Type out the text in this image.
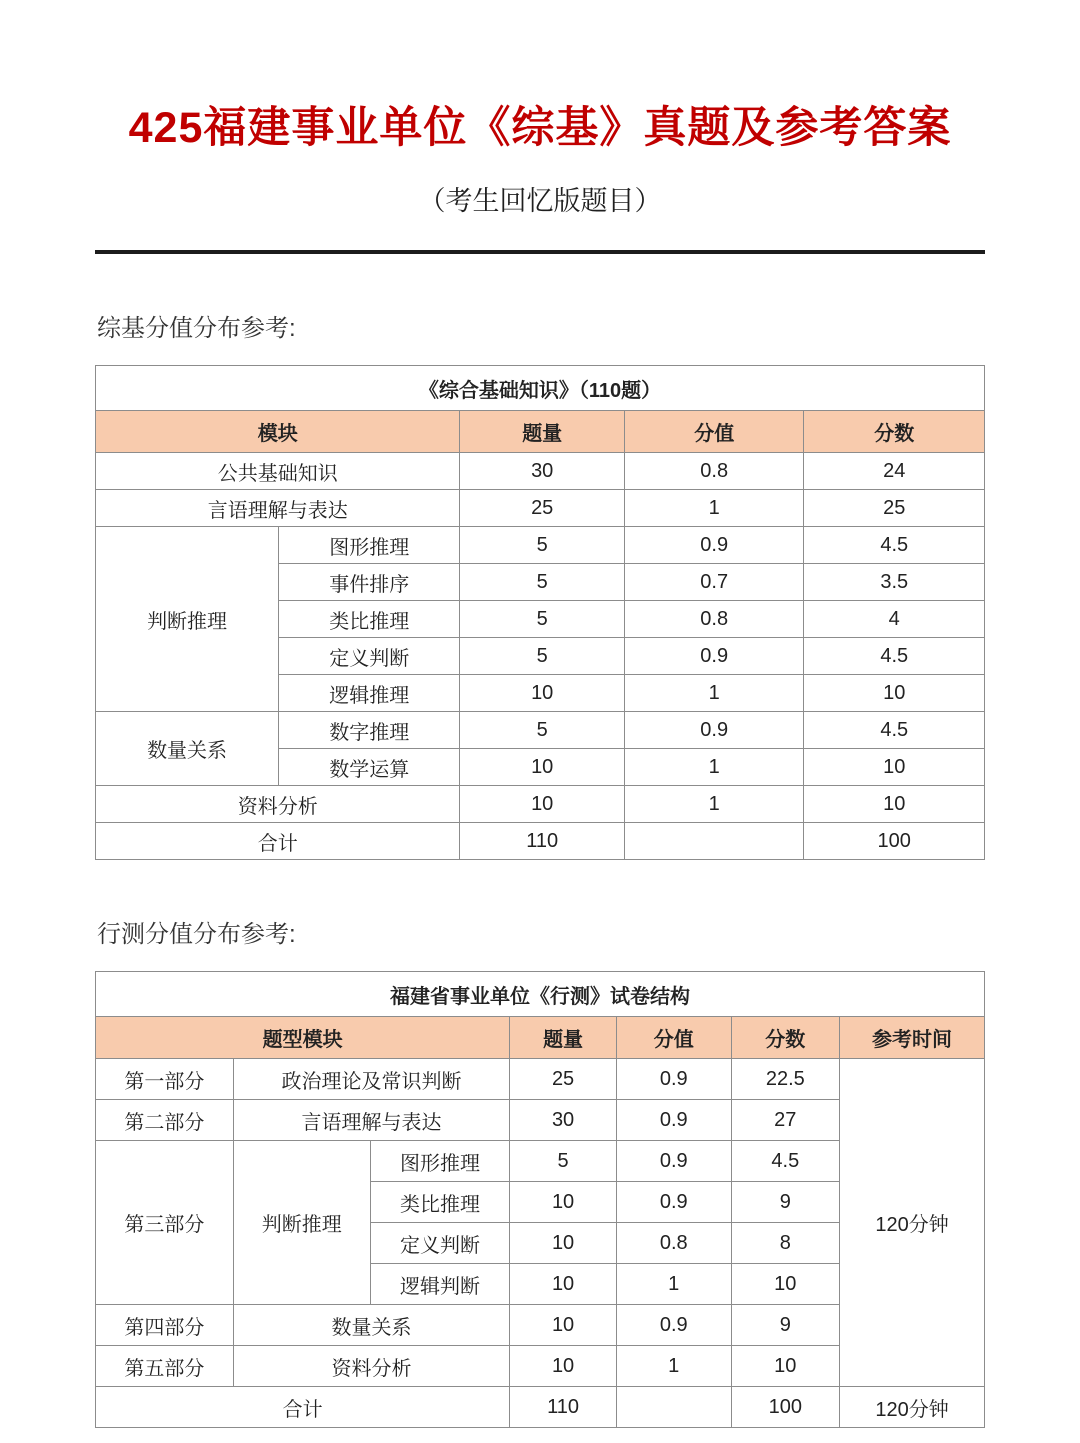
425福建事业单位《综基》真题及参考答案
（考生回忆版题目）
综基分值分布参考:
《综合基础知识》（110题）				
模块		题量	分值	分数
公共基础知识		30	0.8	24
言语理解与表达		25	1	25
判断推理	图形推理	5	0.9	4.5
	事件排序	5	0.7	3.5
	类比推理	5	0.8	4
	定义判断	5	0.9	4.5
	逻辑推理	10	1	10
数量关系	数字推理	5	0.9	4.5
	数学运算	10	1	10
资料分析		10	1	10
合计		110		100
行测分值分布参考:
福建省事业单位《行测》试卷结构						
题型模块			题量	分值	分数	参考时间
第一部分	政治理论及常识判断		25	0.9	22.5	120分钟
第二部分	言语理解与表达		30	0.9	27	
第三部分	判断推理	图形推理	5	0.9	4.5	
		类比推理	10	0.9	9	
		定义判断	10	0.8	8	
		逻辑判断	10	1	10	
第四部分	数量关系		10	0.9	9	
第五部分	资料分析		10	1	10	
合计			110		100	120分钟
